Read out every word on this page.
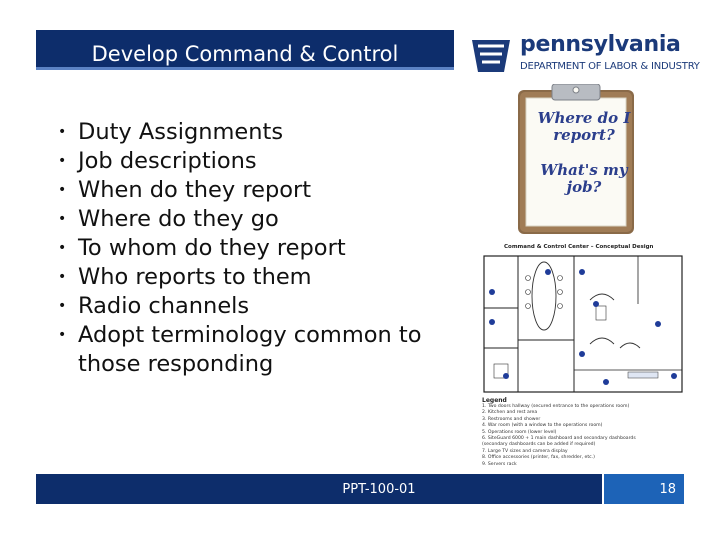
Develop Command & Control	pennsylvania
DEPARTMENT OF LABOR & INDUSTRY
• Duty Assignments
• Job descriptions
• When do they report
• Where do they go
• To whom do they report
• Who reports to them
• Radio channels
• Adopt terminology common to those responding
Where do I report?
What's my job?
Command & Control Center – Conceptual Design
Legend
1. Two doors hallway (secured entrance to the operations room)
2. Kitchen and rest area
3. Restrooms and shower
4. War room (with a window to the operations room)
5. Operations room (lower level)
6. SiteGuard 6000 + 1 main dashboard and secondary dashboards
(secondary dashboards can be added if required)
7. Large TV sizes and camera display
8. Office accessories (printer, fax, shredder, etc.)
9. Servers rack
PPT-100-01	18
